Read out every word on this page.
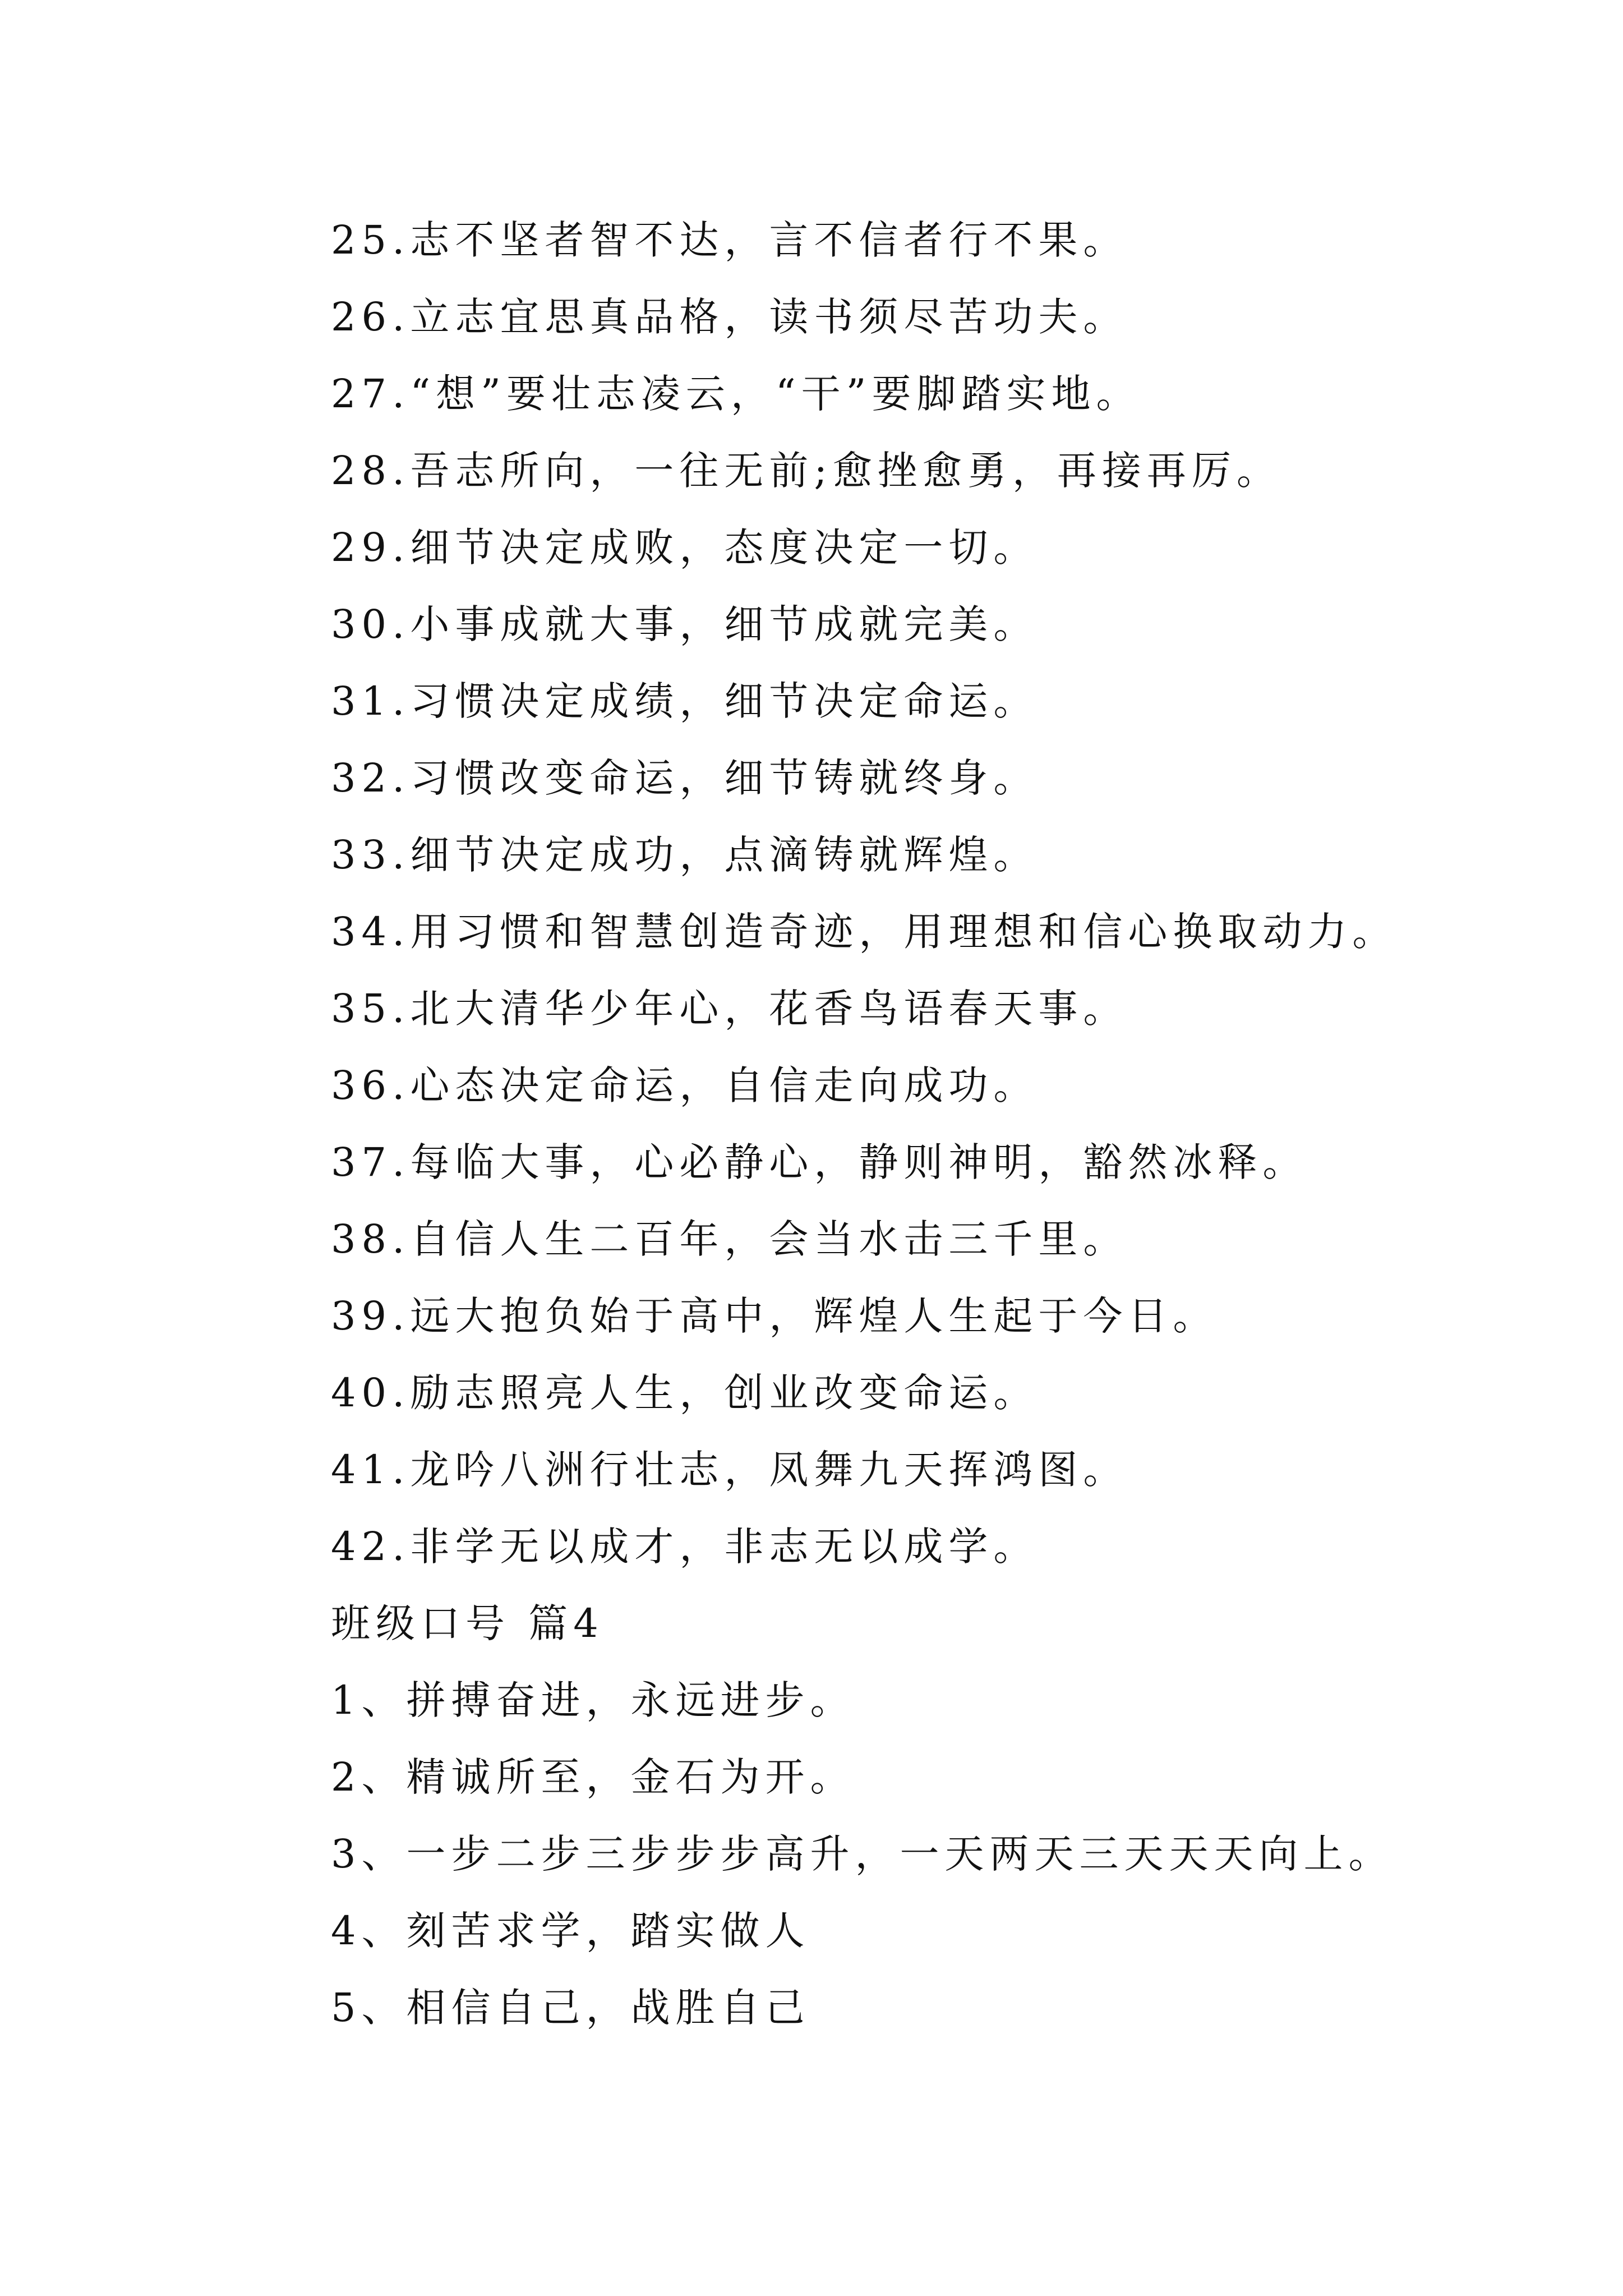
25.志不坚者智不达，言不信者行不果。
26.立志宜思真品格，读书须尽苦功夫。
27.“想”要壮志凌云，“干”要脚踏实地。
28.吾志所向，一往无前;愈挫愈勇，再接再厉。
29.细节决定成败，态度决定一切。
30.小事成就大事，细节成就完美。
31.习惯决定成绩，细节决定命运。
32.习惯改变命运，细节铸就终身。
33.细节决定成功，点滴铸就辉煌。
34.用习惯和智慧创造奇迹，用理想和信心换取动力。
35.北大清华少年心，花香鸟语春天事。
36.心态决定命运，自信走向成功。
37.每临大事，心必静心，静则神明，豁然冰释。
38.自信人生二百年，会当水击三千里。
39.远大抱负始于高中，辉煌人生起于今日。
40.励志照亮人生，创业改变命运。
41.龙吟八洲行壮志，凤舞九天挥鸿图。
42.非学无以成才，非志无以成学。
班级口号 篇4
1、拼搏奋进，永远进步。
2、精诚所至，金石为开。
3、一步二步三步步步高升，一天两天三天天天向上。
4、刻苦求学，踏实做人
5、相信自己，战胜自己
